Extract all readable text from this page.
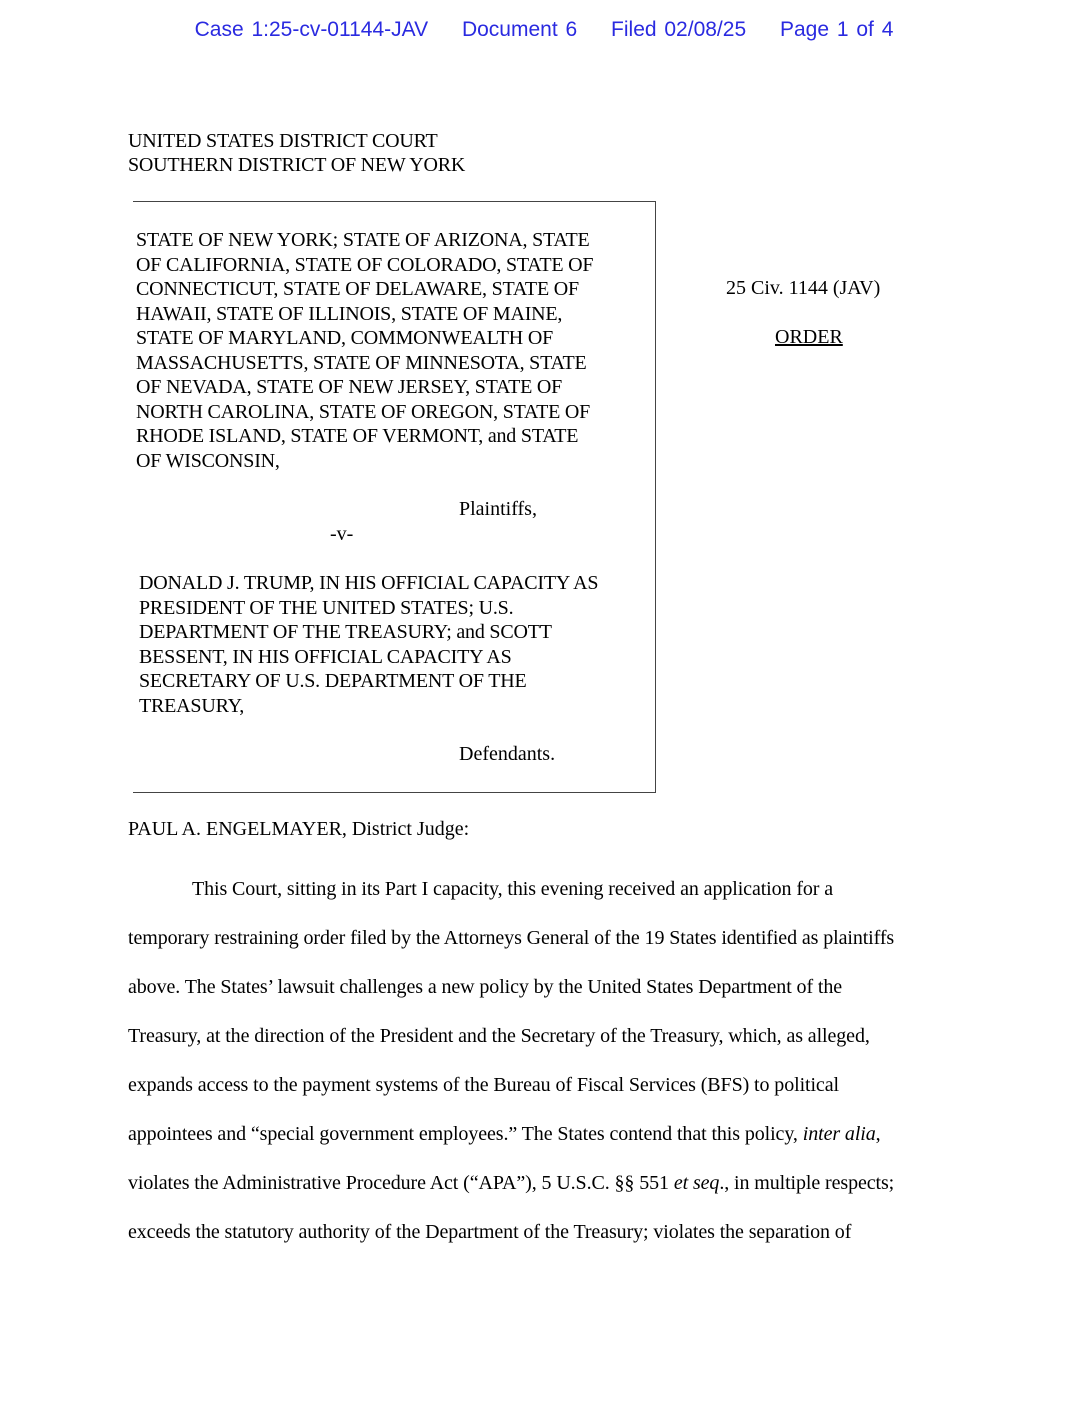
Case 1:25-cv-01144-JAV Document 6 Filed 02/08/25 Page 1 of 4
UNITED STATES DISTRICT COURT
SOUTHERN DISTRICT OF NEW YORK
STATE OF NEW YORK; STATE OF ARIZONA, STATE
OF CALIFORNIA, STATE OF COLORADO, STATE OF
CONNECTICUT, STATE OF DELAWARE, STATE OF
HAWAII, STATE OF ILLINOIS, STATE OF MAINE,
STATE OF MARYLAND, COMMONWEALTH OF
MASSACHUSETTS, STATE OF MINNESOTA, STATE
OF NEVADA, STATE OF NEW JERSEY, STATE OF
NORTH CAROLINA, STATE OF OREGON, STATE OF
RHODE ISLAND, STATE OF VERMONT, and STATE
OF WISCONSIN,
Plaintiffs,
-v-
DONALD J. TRUMP, IN HIS OFFICIAL CAPACITY AS
PRESIDENT OF THE UNITED STATES; U.S.
DEPARTMENT OF THE TREASURY; and SCOTT
BESSENT, IN HIS OFFICIAL CAPACITY AS
SECRETARY OF U.S. DEPARTMENT OF THE
TREASURY,
Defendants.
25 Civ. 1144 (JAV)
ORDER
PAUL A. ENGELMAYER, District Judge:
This Court, sitting in its Part I capacity, this evening received an application for a
temporary restraining order filed by the Attorneys General of the 19 States identified as plaintiffs
above. The States’ lawsuit challenges a new policy by the United States Department of the
Treasury, at the direction of the President and the Secretary of the Treasury, which, as alleged,
expands access to the payment systems of the Bureau of Fiscal Services (BFS) to political
appointees and “special government employees.” The States contend that this policy, inter alia,
violates the Administrative Procedure Act (“APA”), 5 U.S.C. §§ 551 et seq., in multiple respects;
exceeds the statutory authority of the Department of the Treasury; violates the separation of
